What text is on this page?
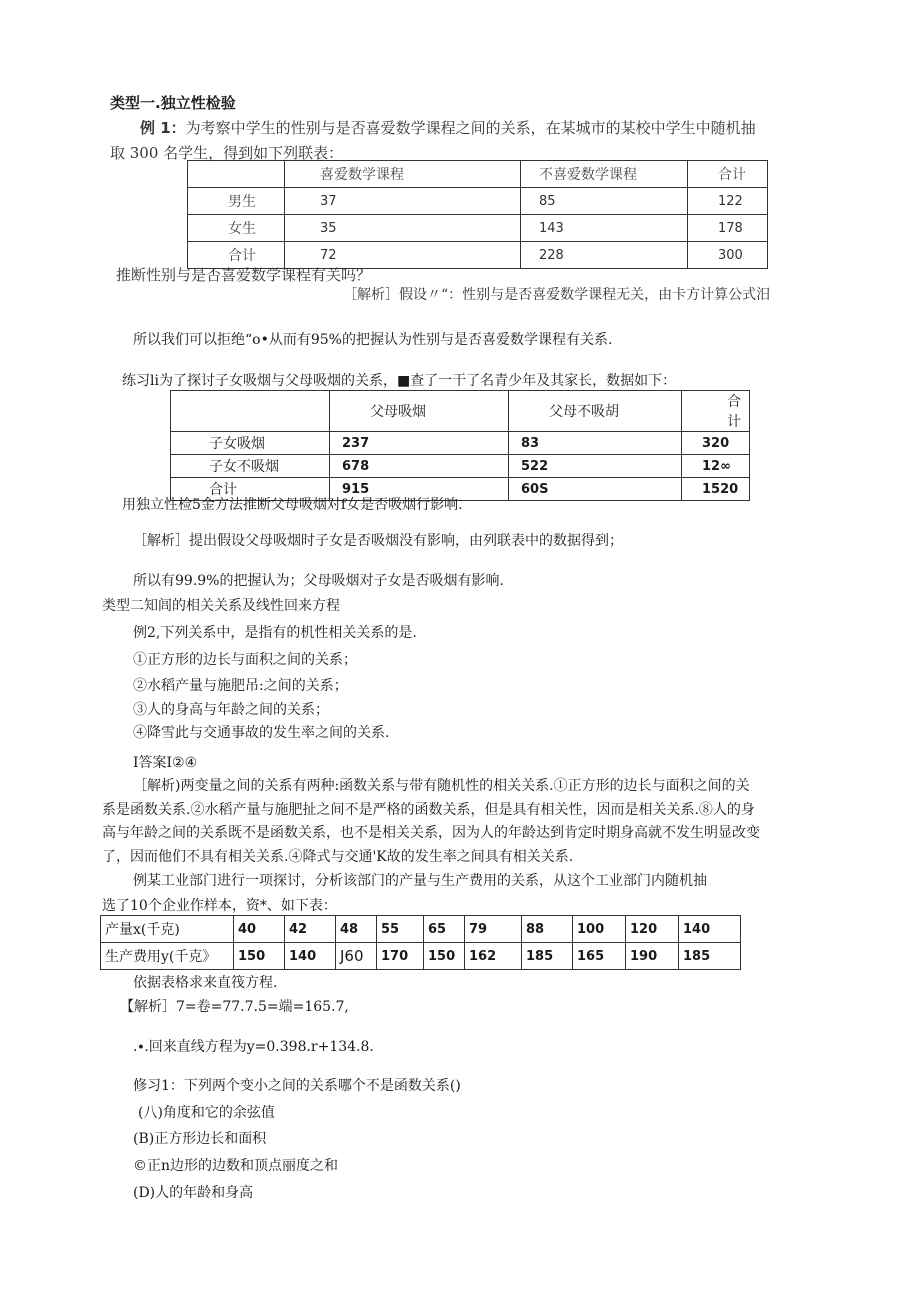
类型一.独立性检验
例 1：为考察中学生的性别与是否喜爱数学课程之间的关系，在某城市的某校中学生中随机抽
取 300 名学生，得到如下列联表：
	喜爱数学课程	不喜爱数学课程	合计
男生	37	85	122
女生	35	143	178
合计	72	228	300
推断性别与是否喜爱数学课程有关吗？
［解析］假设〃“：性别与是否喜爱数学课程无关，由卡方计算公式汨
所以我们可以拒绝“o•从而有95%的把握认为性别与是否喜爱数学课程有关系.
练习li为了探讨子女吸烟与父母吸烟的关系，■查了一干了名青少年及其家长，数据如下：
	父母吸烟	父母不吸胡	合计
子女吸烟	237	83	320
子女不吸烟	678	522	12∞
合计	915	60S	1520
用独立性检5金方法推断父母吸烟对f女是否吸烟行影响.
［解析］提出假设父母吸烟时子女是否吸烟没有影响，由列联表中的数据得到；
所以有99.9%的把握认为；父母吸烟对子女是否吸烟有影响.
类型二知闾的相关关系及线性回来方程
例2,下列关系中，是指有的机性相关关系的是.
①正方形的边长与面积之间的关系；
②水稻产量与施肥吊:之间的关系；
③人的身高与年龄之间的关系；
④降雪此与交通事故的发生率之间的关系.
I答案I②④
［解析)两变量之间的关系有两种:函数关系与带有随机性的相关关系.①正方形的边长与面积之间的关
系是函数关系.②水稻产量与施肥扯之间不是严格的函数关系，但是具有相关性，因而是相关关系.⑧人的身
高与年龄之间的关系既不是函数关系，也不是相关关系，因为人的年龄达到肯定时期身高就不发生明显改变
了，因而他们不具有相关关系.④降式与交通'K故的发生率之间具有相关关系.
例某工业部门进行一项探讨，分析该部门的产量与生产费用的关系，从这个工业部门内随机抽
选了10个企业作样本，资*、如下表：
产量x(千克)	40	42	48	55	65	79	88	100	120	140
生产费用y(千克》	150	140	J60	170	150	162	185	165	190	185
依据表格求来直筏方程.
【解析］7=卷=77.7.5=端=165.7,
.∙.回来直线方程为y=0.398.r+134.8.
修习1：下列两个变小之间的关系哪个不是函数关系()
(八)角度和它的余弦值
(B)正方形边长和面积
©正n边形的边数和顶点丽度之和
(D)人的年龄和身高
